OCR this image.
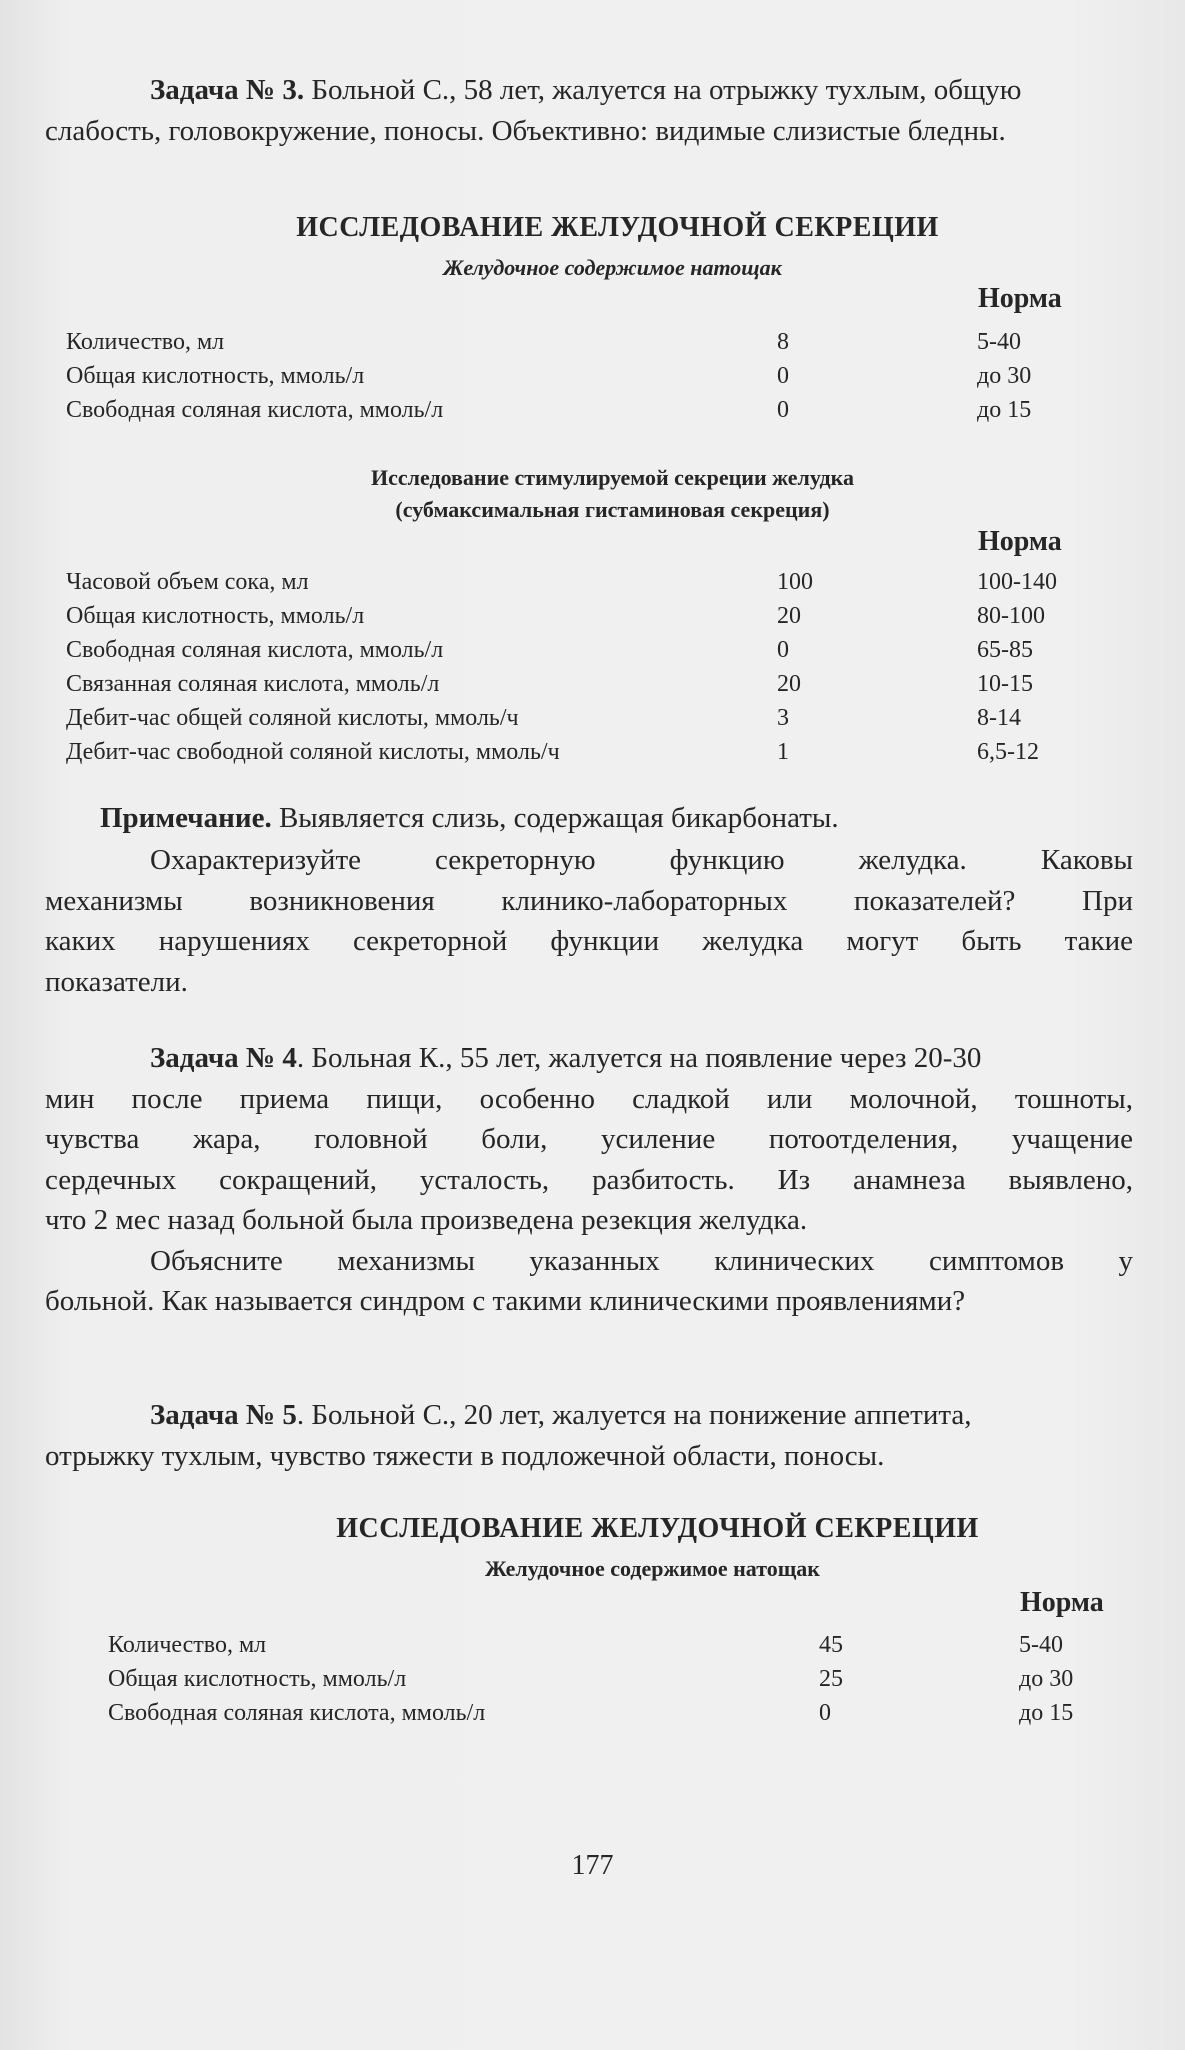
Задача № 3. Больной С., 58 лет, жалуется на отрыжку тухлым, общую
слабость, головокружение, поносы. Объективно: видимые слизистые бледны.

ИССЛЕДОВАНИЕ ЖЕЛУДОЧНОЙ СЕКРЕЦИИ
Желудочное содержимое натощак
Норма
Количество, мл	8	5-40
Общая кислотность, ммоль/л	0	до 30
Свободная соляная кислота, ммоль/л	0	до 15
Исследование стимулируемой секреции желудка
(субмаксимальная гистаминовая секреция)
Норма
Часовой объем сока, мл	100	100-140
Общая кислотность, ммоль/л	20	80-100
Свободная соляная кислота, ммоль/л	0	65-85
Связанная соляная кислота, ммоль/л	20	10-15
Дебит-час общей соляной кислоты, ммоль/ч	3	8-14
Дебит-час свободной соляной кислоты, ммоль/ч	1	6,5-12

Примечание. Выявляется слизь, содержащая бикарбонаты.

Охарактеризуйте секреторную функцию желудка. Каковы
механизмы возникновения клинико-лабораторных показателей? При
каких нарушениях секреторной функции желудка могут быть такие
показатели.

Задача № 4. Больная К., 55 лет, жалуется на появление через 20-30
мин после приема пищи, особенно сладкой или молочной, тошноты,
чувства жара, головной боли, усиление потоотделения, учащение
сердечных сокращений, усталость, разбитость. Из анамнеза выявлено,
что 2 мес назад больной была произведена резекция желудка.
Объясните механизмы указанных клинических симптомов у
больной. Как называется синдром с такими клиническими проявлениями?

Задача № 5. Больной С., 20 лет, жалуется на понижение аппетита,
отрыжку тухлым, чувство тяжести в подложечной области, поносы.

ИССЛЕДОВАНИЕ ЖЕЛУДОЧНОЙ СЕКРЕЦИИ
Желудочное содержимое натощак
Норма
Количество, мл	45	5-40
Общая кислотность, ммоль/л	25	до 30
Свободная соляная кислота, ммоль/л	0	до 15
177
